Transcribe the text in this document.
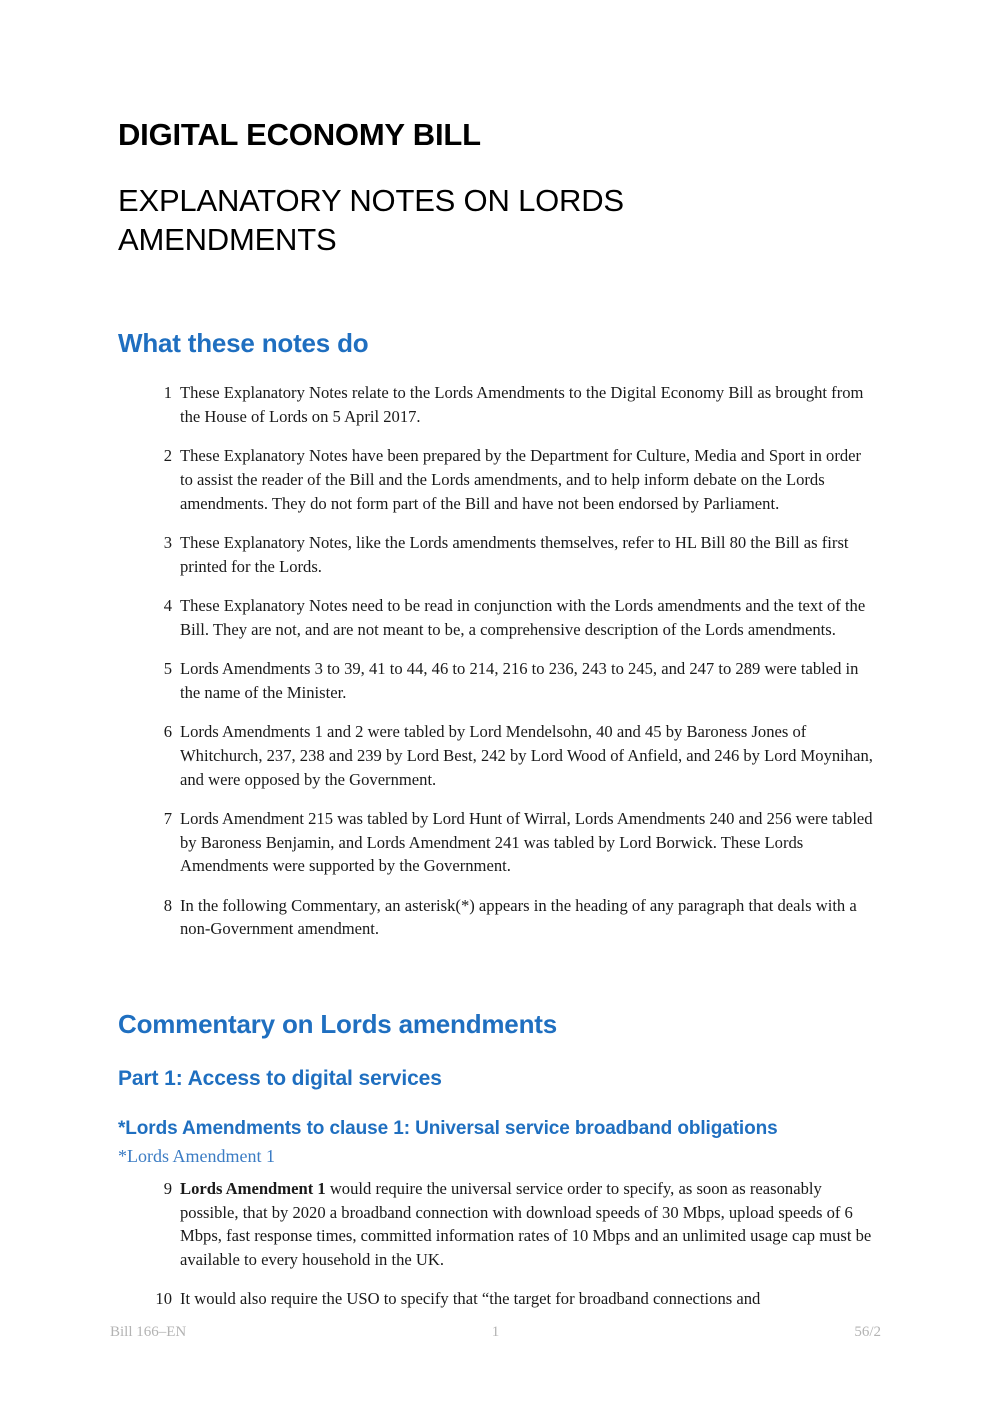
DIGITAL ECONOMY BILL
EXPLANATORY NOTES ON LORDS AMENDMENTS
What these notes do
1 These Explanatory Notes relate to the Lords Amendments to the Digital Economy Bill as brought from the House of Lords on 5 April 2017.
2 These Explanatory Notes have been prepared by the Department for Culture, Media and Sport in order to assist the reader of the Bill and the Lords amendments, and to help inform debate on the Lords amendments. They do not form part of the Bill and have not been endorsed by Parliament.
3 These Explanatory Notes, like the Lords amendments themselves, refer to HL Bill 80 the Bill as first printed for the Lords.
4 These Explanatory Notes need to be read in conjunction with the Lords amendments and the text of the Bill. They are not, and are not meant to be, a comprehensive description of the Lords amendments.
5 Lords Amendments 3 to 39, 41 to 44, 46 to 214, 216 to 236, 243 to 245, and 247 to 289 were tabled in the name of the Minister.
6 Lords Amendments 1 and 2 were tabled by Lord Mendelsohn, 40 and 45 by Baroness Jones of Whitchurch, 237, 238 and 239 by Lord Best, 242 by Lord Wood of Anfield, and 246 by Lord Moynihan, and were opposed by the Government.
7 Lords Amendment 215 was tabled by Lord Hunt of Wirral, Lords Amendments 240 and 256 were tabled by Baroness Benjamin, and Lords Amendment 241 was tabled by Lord Borwick. These Lords Amendments were supported by the Government.
8 In the following Commentary, an asterisk(*) appears in the heading of any paragraph that deals with a non-Government amendment.
Commentary on Lords amendments
Part 1: Access to digital services
*Lords Amendments to clause 1: Universal service broadband obligations
*Lords Amendment 1
9 Lords Amendment 1 would require the universal service order to specify, as soon as reasonably possible, that by 2020 a broadband connection with download speeds of 30 Mbps, upload speeds of 6 Mbps, fast response times, committed information rates of 10 Mbps and an unlimited usage cap must be available to every household in the UK.
10 It would also require the USO to specify that “the target for broadband connections and
Bill 166–EN	1	56/2
